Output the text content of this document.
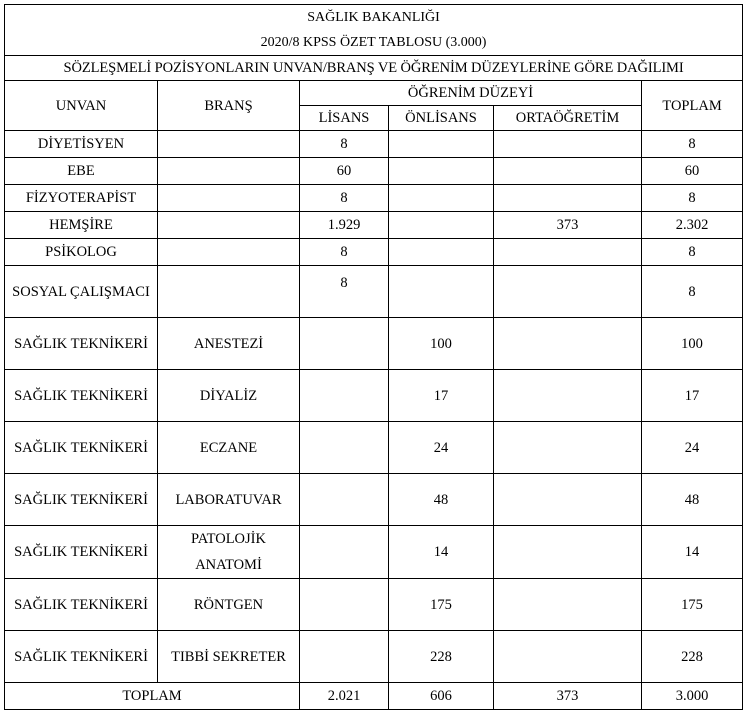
SAĞLIK BAKANLIĞI					
2020/8 KPSS ÖZET TABLOSU (3.000)					
SÖZLEŞMELİ POZİSYONLARIN UNVAN/BRANŞ VE ÖĞRENİM DÜZEYLERİNE GÖRE DAĞILIMI					
UNVAN	BRANŞ	ÖĞRENİM DÜZEYİ			TOPLAM
		LİSANS	ÖNLİSANS	ORTAÖĞRETİM	
DİYETİSYEN		8			8
EBE		60			60
FİZYOTERAPİST		8			8
HEMŞİRE		1.929		373	2.302
PSİKOLOG		8			8
SOSYAL ÇALIŞMACI		8			8
SAĞLIK TEKNİKERİ	ANESTEZİ		100		100
SAĞLIK TEKNİKERİ	DİYALİZ		17		17
SAĞLIK TEKNİKERİ	ECZANE		24		24
SAĞLIK TEKNİKERİ	LABORATUVAR		48		48
SAĞLIK TEKNİKERİ	PATOLOJİK ANATOMİ		14		14
SAĞLIK TEKNİKERİ	RÖNTGEN		175		175
SAĞLIK TEKNİKERİ	TIBBİ SEKRETER		228		228
TOPLAM		2.021	606	373	3.000
